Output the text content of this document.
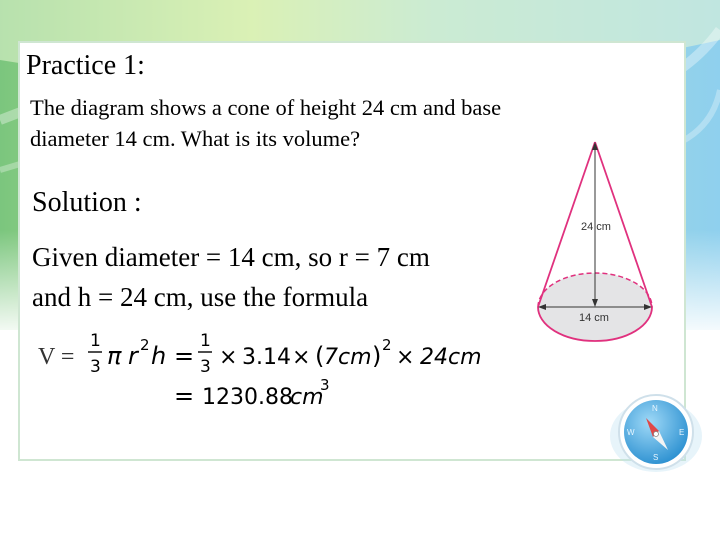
Practice 1:
The diagram shows a cone of height 24 cm and base
diameter 14 cm. What is its volume?
Solution :
Given diameter = 14 cm, so r = 7 cm
and h = 24 cm, use the formula
V =
1
3 π r 2 h =
1
3 × 3.14 × ( 7cm ) 2 × 24cm
= 1230.88
cm
3
24 cm
14 cm
N
S
E
W
